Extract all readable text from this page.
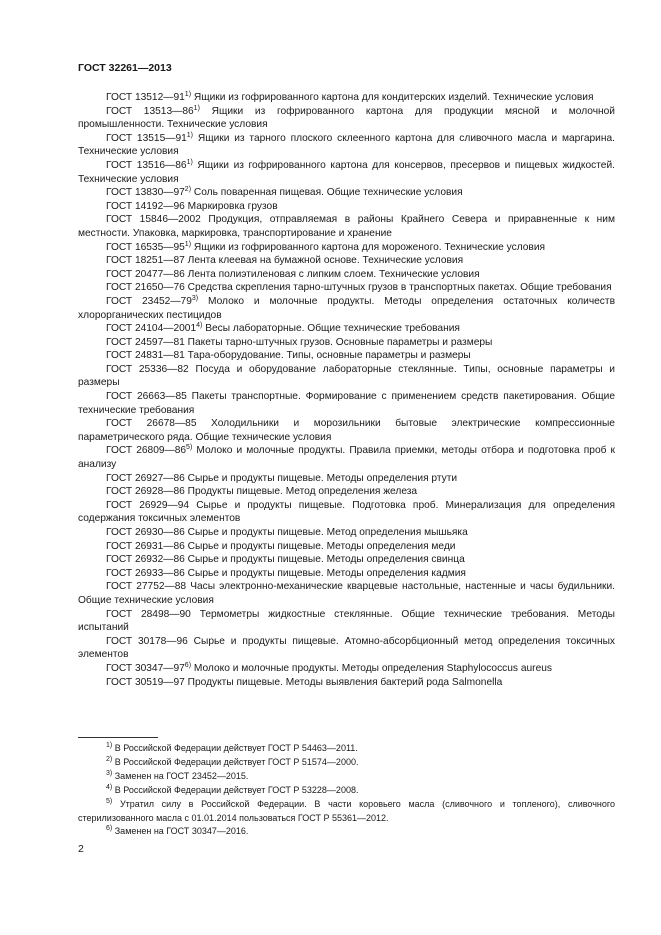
ГОСТ 32261—2013
ГОСТ 13512—91$^{1)}$ Ящики из гофрированного картона для кондитерских изделий. Технические условия
ГОСТ 13513—86$^{1)}$ Ящики из гофрированного картона для продукции мясной и молочной промышленности. Технические условия
ГОСТ 13515—91$^{1)}$ Ящики из тарного плоского склеенного картона для сливочного масла и маргарина. Технические условия
ГОСТ 13516—86$^{1)}$ Ящики из гофрированного картона для консервов, пресервов и пищевых жидкостей. Технические условия
ГОСТ 13830—97$^{2)}$ Соль поваренная пищевая. Общие технические условия
ГОСТ 14192—96 Маркировка грузов
ГОСТ 15846—2002 Продукция, отправляемая в районы Крайнего Севера и приравненные к ним местности. Упаковка, маркировка, транспортирование и хранение
ГОСТ 16535—95$^{1)}$ Ящики из гофрированного картона для мороженого. Технические условия
ГОСТ 18251—87 Лента клеевая на бумажной основе. Технические условия
ГОСТ 20477—86 Лента полиэтиленовая с липким слоем. Технические условия
ГОСТ 21650—76 Средства скрепления тарно-штучных грузов в транспортных пакетах. Общие требования
ГОСТ 23452—79$^{3)}$ Молоко и молочные продукты. Методы определения остаточных количеств хлорорганических пестицидов
ГОСТ 24104—2001$^{4)}$ Весы лабораторные. Общие технические требования
ГОСТ 24597—81 Пакеты тарно-штучных грузов. Основные параметры и размеры
ГОСТ 24831—81 Тара-оборудование. Типы, основные параметры и размеры
ГОСТ 25336—82 Посуда и оборудование лабораторные стеклянные. Типы, основные параметры и размеры
ГОСТ 26663—85 Пакеты транспортные. Формирование с применением средств пакетирования. Общие технические требования
ГОСТ 26678—85 Холодильники и морозильники бытовые электрические компрессионные параметрического ряда. Общие технические условия
ГОСТ 26809—86$^{5)}$ Молоко и молочные продукты. Правила приемки, методы отбора и подготовка проб к анализу
ГОСТ 26927—86 Сырье и продукты пищевые. Методы определения ртути
ГОСТ 26928—86 Продукты пищевые. Метод определения железа
ГОСТ 26929—94 Сырье и продукты пищевые. Подготовка проб. Минерализация для определения содержания токсичных элементов
ГОСТ 26930—86 Сырье и продукты пищевые. Метод определения мышьяка
ГОСТ 26931—86 Сырье и продукты пищевые. Методы определения меди
ГОСТ 26932—86 Сырье и продукты пищевые. Методы определения свинца
ГОСТ 26933—86 Сырье и продукты пищевые. Методы определения кадмия
ГОСТ 27752—88 Часы электронно-механические кварцевые настольные, настенные и часы будильники. Общие технические условия
ГОСТ 28498—90 Термометры жидкостные стеклянные. Общие технические требования. Методы испытаний
ГОСТ 30178—96 Сырье и продукты пищевые. Атомно-абсорбционный метод определения токсичных элементов
ГОСТ 30347—97$^{6)}$ Молоко и молочные продукты. Методы определения Staphylococcus aureus
ГОСТ 30519—97 Продукты пищевые. Методы выявления бактерий рода Salmonella
$^{1)}$ В Российской Федерации действует ГОСТ Р 54463—2011.
$^{2)}$ В Российской Федерации действует ГОСТ Р 51574—2000.
$^{3)}$ Заменен на ГОСТ 23452—2015.
$^{4)}$ В Российской Федерации действует ГОСТ Р 53228—2008.
$^{5)}$ Утратил силу в Российской Федерации. В части коровьего масла (сливочного и топленого), сливочного стерилизованного масла с 01.01.2014 пользоваться ГОСТ Р 55361—2012.
$^{6)}$ Заменен на ГОСТ 30347—2016.
2
